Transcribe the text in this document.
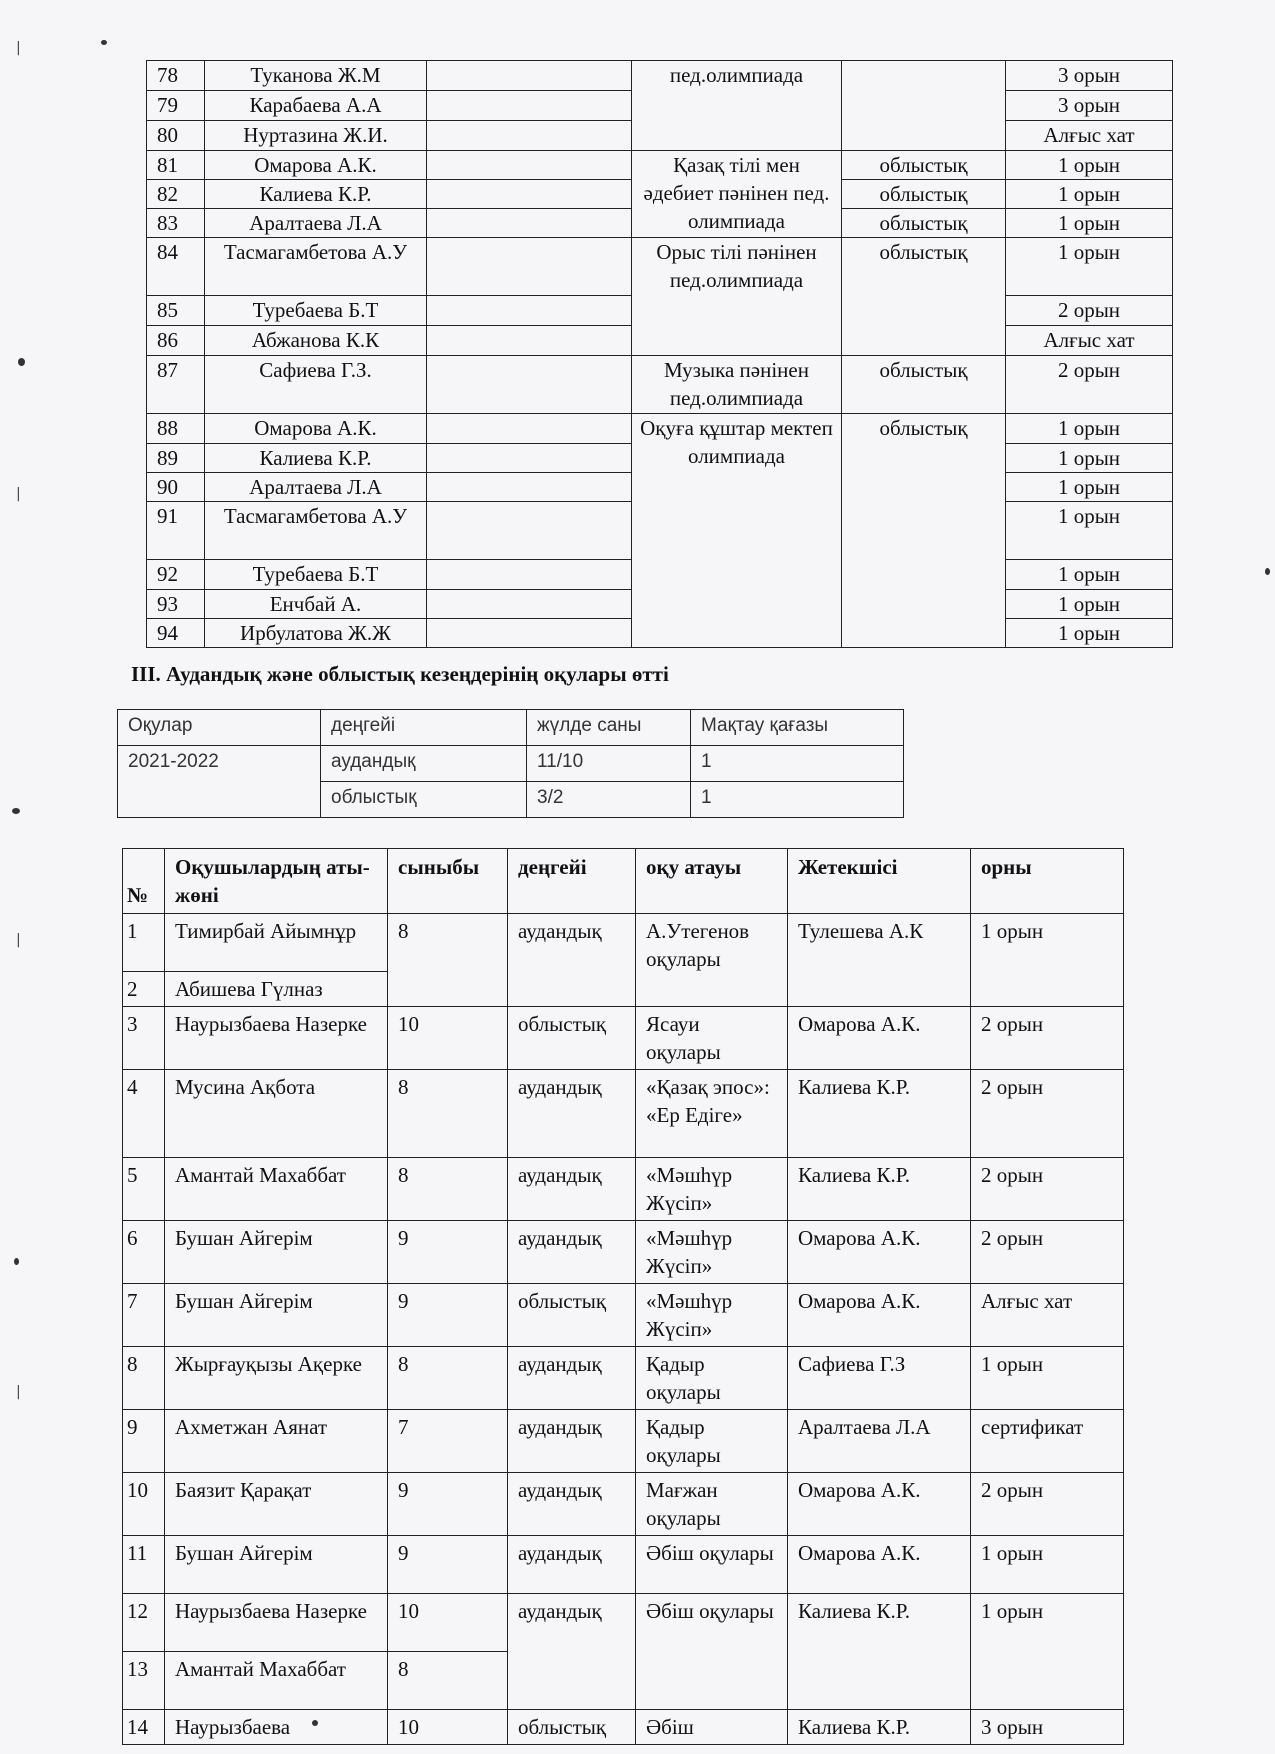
|
|
|
|
78	Туканова Ж.М		пед.олимпиада		3 орын
79	Карабаева А.А				3 орын
80	Нуртазина Ж.И.				Алғыс хат
81	Омарова А.К.		Қазақ тілі мен әдебиет пәнінен пед. олимпиада	облыстық	1 орын
82	Калиева К.Р.			облыстық	1 орын
83	Аралтаева Л.А			облыстық	1 орын
84	Тасмагамбетова А.У		Орыс тілі пәнінен пед.олимпиада	облыстық	1 орын
85	Туребаева Б.Т				2 орын
86	Абжанова К.К				Алғыс хат
87	Сафиева Г.З.		Музыка пәнінен пед.олимпиада	облыстық	2 орын
88	Омарова А.К.		Оқуға құштар мектеп олимпиада	облыстық	1 орын
89	Калиева К.Р.				1 орын
90	Аралтаева Л.А				1 орын
91	Тасмагамбетова А.У				1 орын
92	Туребаева Б.Т				1 орын
93	Енчбай А.				1 орын
94	Ирбулатова Ж.Ж				1 орын
ІІІ. Аудандық және облыстық кезеңдерінің оқулары өтті
Оқулар	деңгейі	жүлде саны	Мақтау қағазы
2021-2022	аудандық	11/10	1
	облыстық	3/2	1
№	Оқушылардың аты-жөні	сыныбы	деңгейі	оқу атауы	Жетекшісі	орны
1	Тимирбай Айымнұр	8	аудандық	А.Утегенов оқулары	Тулешева А.К	1 орын
2	Абишева Гүлназ					
3	Наурызбаева Назерке	10	облыстық	Ясауи оқулары	Омарова А.К.	2 орын
4	Мусина Ақбота	8	аудандық	«Қазақ эпос»: «Ер Едіге»	Калиева К.Р.	2 орын
5	Амантай Махаббат	8	аудандық	«Мәшһүр Жүсіп»	Калиева К.Р.	2 орын
6	Бушан Айгерім	9	аудандық	«Мәшһүр Жүсіп»	Омарова А.К.	2 орын
7	Бушан Айгерім	9	облыстық	«Мәшһүр Жүсіп»	Омарова А.К.	Алғыс хат
8	Жырғауқызы Ақерке	8	аудандық	Қадыр оқулары	Сафиева Г.З	1 орын
9	Ахметжан Аянат	7	аудандық	Қадыр оқулары	Аралтаева Л.А	сертификат
10	Баязит Қарақат	9	аудандық	Мағжан оқулары	Омарова А.К.	2 орын
11	Бушан Айгерім	9	аудандық	Әбіш оқулары	Омарова А.К.	1 орын
12	Наурызбаева Назерке	10	аудандық	Әбіш оқулары	Калиева К.Р.	1 орын
13	Амантай Махаббат	8				
14	Наурызбаева	10	облыстық	Әбіш	Калиева К.Р.	3 орын
